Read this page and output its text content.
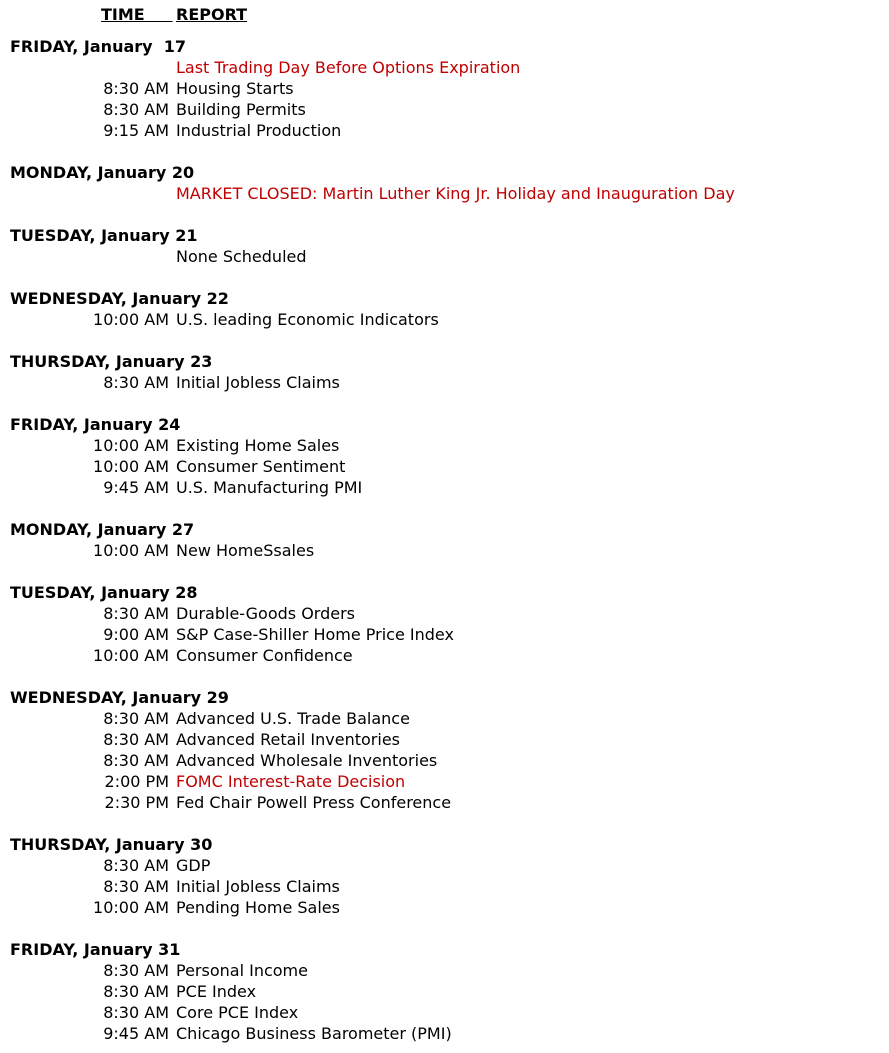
TIME REPORT
FRIDAY, January  17
Last Trading Day Before Options Expiration
8:30 AM Housing Starts
8:30 AM Building Permits
9:15 AM Industrial Production
MONDAY, January 20
MARKET CLOSED: Martin Luther King Jr. Holiday and Inauguration Day
TUESDAY, January 21
None Scheduled
WEDNESDAY, January 22
10:00 AM U.S. leading Economic Indicators
THURSDAY, January 23
8:30 AM Initial Jobless Claims
FRIDAY, January 24
10:00 AM Existing Home Sales
10:00 AM Consumer Sentiment
9:45 AM U.S. Manufacturing PMI
MONDAY, January 27
10:00 AM New HomeSsales
TUESDAY, January 28
8:30 AM Durable-Goods Orders
9:00 AM S&P Case-Shiller Home Price Index
10:00 AM Consumer Confidence
WEDNESDAY, January 29
8:30 AM Advanced U.S. Trade Balance
8:30 AM Advanced Retail Inventories
8:30 AM Advanced Wholesale Inventories
2:00 PM FOMC Interest-Rate Decision
2:30 PM Fed Chair Powell Press Conference
THURSDAY, January 30
8:30 AM GDP
8:30 AM Initial Jobless Claims
10:00 AM Pending Home Sales
FRIDAY, January 31
8:30 AM Personal Income
8:30 AM PCE Index
8:30 AM Core PCE Index
9:45 AM Chicago Business Barometer (PMI)
